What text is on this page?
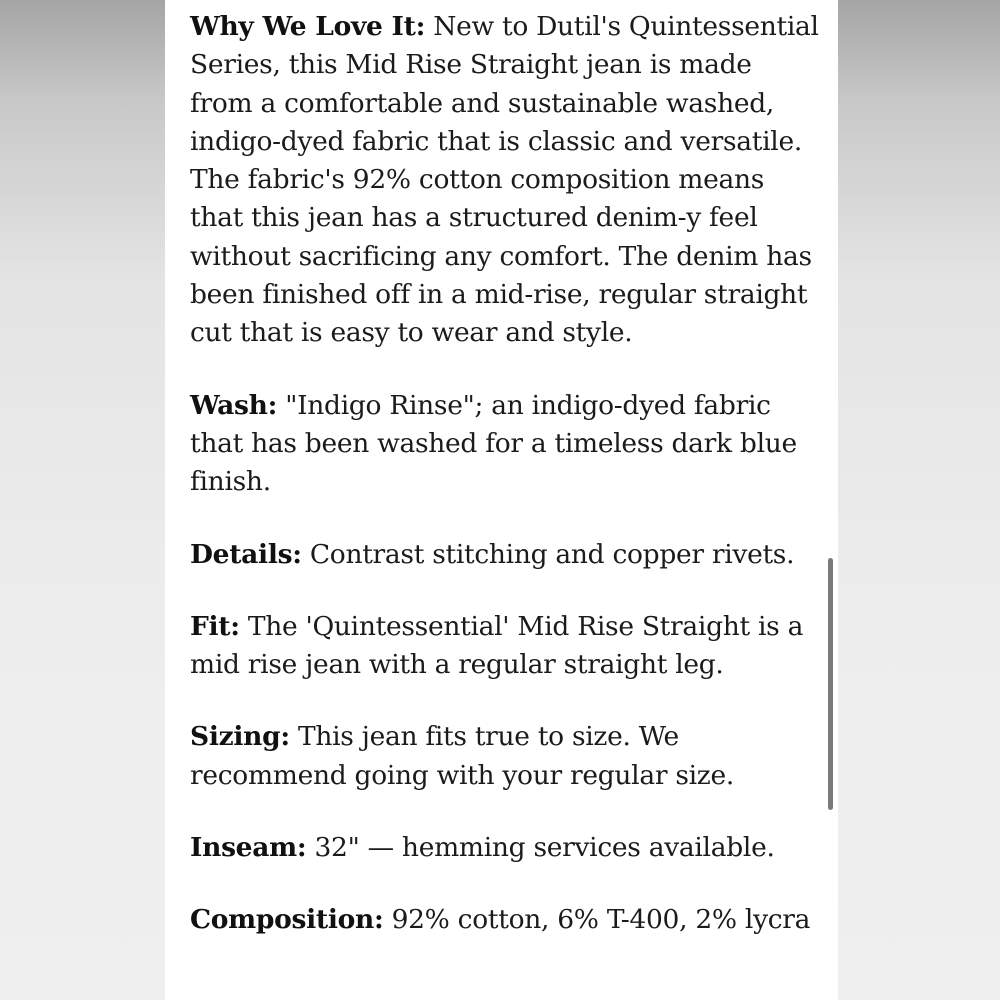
Why We Love It: New to Dutil's Quintessential Series, this Mid Rise Straight jean is made from a comfortable and sustainable washed, indigo-dyed fabric that is classic and versatile. The fabric's 92% cotton composition means that this jean has a structured denim-y feel without sacrificing any comfort. The denim has been finished off in a mid-rise, regular straight cut that is easy to wear and style.

Wash: "Indigo Rinse"; an indigo-dyed fabric that has been washed for a timeless dark blue finish.

Details: Contrast stitching and copper rivets.

Fit: The 'Quintessential' Mid Rise Straight is a mid rise jean with a regular straight leg.

Sizing: This jean fits true to size. We recommend going with your regular size.

Inseam: 32" — hemming services available.

Composition: 92% cotton, 6% T-400, 2% lycra
